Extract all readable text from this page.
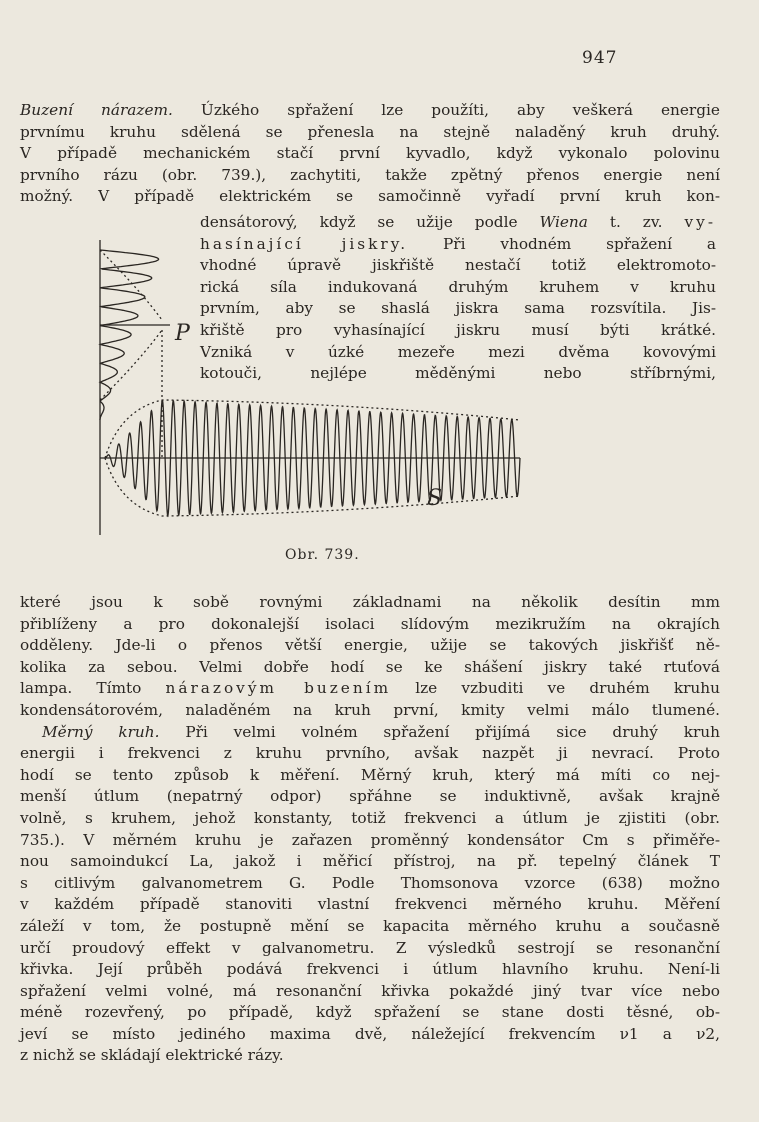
947
Buzení nárazem. Úzkého spřažení lze použíti, aby veškerá energie
prvnímu kruhu sdělená se přenesla na stejně naladěný kruh druhý.
V případě mechanickém stačí první kyvadlo, když vykonalo polovinu
prvního rázu (obr. 739.), zachytiti, takže zpětný přenos energie není
možný. V případě elektrickém se samočinně vyřadí první kruh kon-
densátorový, když se užije podle Wiena t. zv. vy-
hasínající jiskry. Při vhodném spřažení a
vhodné úpravě jiskřiště nestačí totiž elektromoto-
rická síla indukovaná druhým kruhem v kruhu
prvním, aby se shaslá jiskra sama rozsvítila. Jis-
křiště pro vyhasínající jiskru musí býti krátké.
Vzniká v úzké mezeře mezi dvěma kovovými
kotouči, nejlépe měděnými nebo stříbrnými,
P
S
Obr. 739.
které jsou k sobě rovnými základnami na několik desítin mm
přiblíženy a pro dokonalejší isolaci slídovým mezikružím na okrajích
odděleny. Jde-li o přenos větší energie, užije se takových jiskřišť ně-
kolika za sebou. Velmi dobře hodí se ke shášení jiskry také rtuťová
lampa. Tímto nárazovým buzením lze vzbuditi ve druhém kruhu
kondensátorovém, naladěném na kruh první, kmity velmi málo tlumené.
Měrný kruh. Při velmi volném spřažení přijímá sice druhý kruh
energii i frekvenci z kruhu prvního, avšak nazpět ji nevrací. Proto
hodí se tento způsob k měření. Měrný kruh, který má míti co nej-
menší útlum (nepatrný odpor) spřáhne se induktivně, avšak krajně
volně, s kruhem, jehož konstanty, totiž frekvenci a útlum je zjistiti (obr.
735.). V měrném kruhu je zařazen proměnný kondensátor Cm s přiměře-
nou samoindukcí La, jakož i měřicí přístroj, na př. tepelný článek T
s citlivým galvanometrem G. Podle Thomsonova vzorce (638) možno
v každém případě stanoviti vlastní frekvenci měrného kruhu. Měření
záleží v tom, že postupně mění se kapacita měrného kruhu a současně
určí proudový effekt v galvanometru. Z výsledků sestrojí se resonanční
křivka. Její průběh podává frekvenci i útlum hlavního kruhu. Není-li
spřažení velmi volné, má resonanční křivka pokaždé jiný tvar více nebo
méně rozevřený, po případě, když spřažení se stane dosti těsné, ob-
jeví se místo jediného maxima dvě, náležející frekvencím ν1 a ν2,
z nichž se skládají elektrické rázy.
